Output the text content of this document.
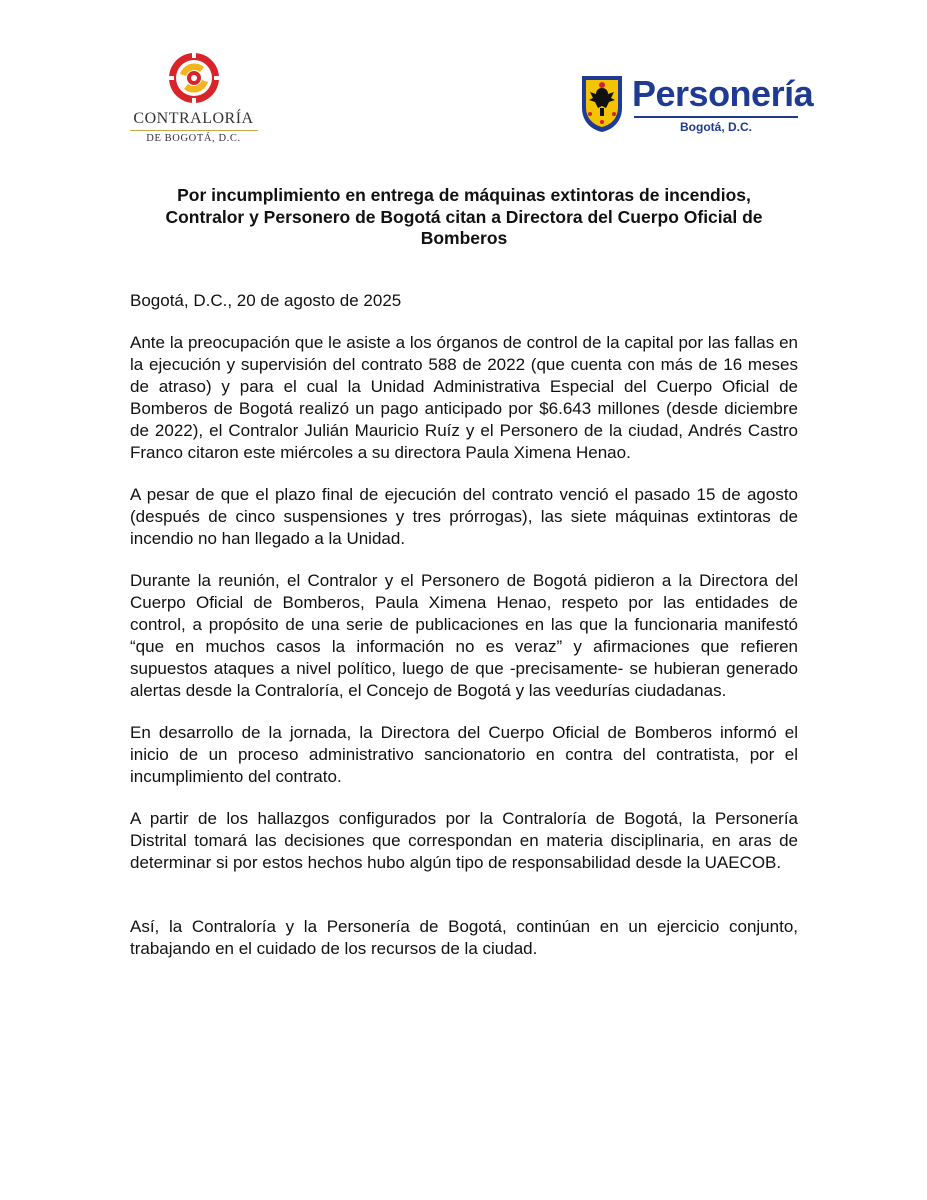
CONTRALORÍA
DE BOGOTÁ, D.C.
Personería
Bogotá, D.C.
Por incumplimiento en entrega de máquinas extintoras de incendios,
Contralor y Personero de Bogotá citan a Directora del Cuerpo Oficial de
Bomberos

Bogotá, D.C., 20 de agosto de 2025

Ante la preocupación que le asiste a los órganos de control de la capital por las fallas en la ejecución y supervisión del contrato 588 de 2022 (que cuenta con más de 16 meses de atraso) y para el cual la Unidad Administrativa Especial del Cuerpo Oficial de Bomberos de Bogotá realizó un pago anticipado por $6.643 millones (desde diciembre de 2022), el Contralor Julián Mauricio Ruíz y el Personero de la ciudad, Andrés Castro Franco citaron este miércoles a su directora Paula Ximena Henao.

A pesar de que el plazo final de ejecución del contrato venció el pasado 15 de agosto (después de cinco suspensiones y tres prórrogas), las siete máquinas extintoras de incendio no han llegado a la Unidad.

Durante la reunión, el Contralor y el Personero de Bogotá pidieron a la Directora del Cuerpo Oficial de Bomberos, Paula Ximena Henao, respeto por las entidades de control, a propósito de una serie de publicaciones en las que la funcionaria manifestó “que en muchos casos la información no es veraz” y afirmaciones que refieren supuestos ataques a nivel político, luego de que -precisamente- se hubieran generado alertas desde la Contraloría, el Concejo de Bogotá y las veedurías ciudadanas.

En desarrollo de la jornada, la Directora del Cuerpo Oficial de Bomberos informó el inicio de un proceso administrativo sancionatorio en contra del contratista, por el incumplimiento del contrato.

A partir de los hallazgos configurados por la Contraloría de Bogotá, la Personería Distrital tomará las decisiones que correspondan en materia disciplinaria, en aras de determinar si por estos hechos hubo algún tipo de responsabilidad desde la UAECOB.

Así, la Contraloría y la Personería de Bogotá, continúan en un ejercicio conjunto, trabajando en el cuidado de los recursos de la ciudad.
